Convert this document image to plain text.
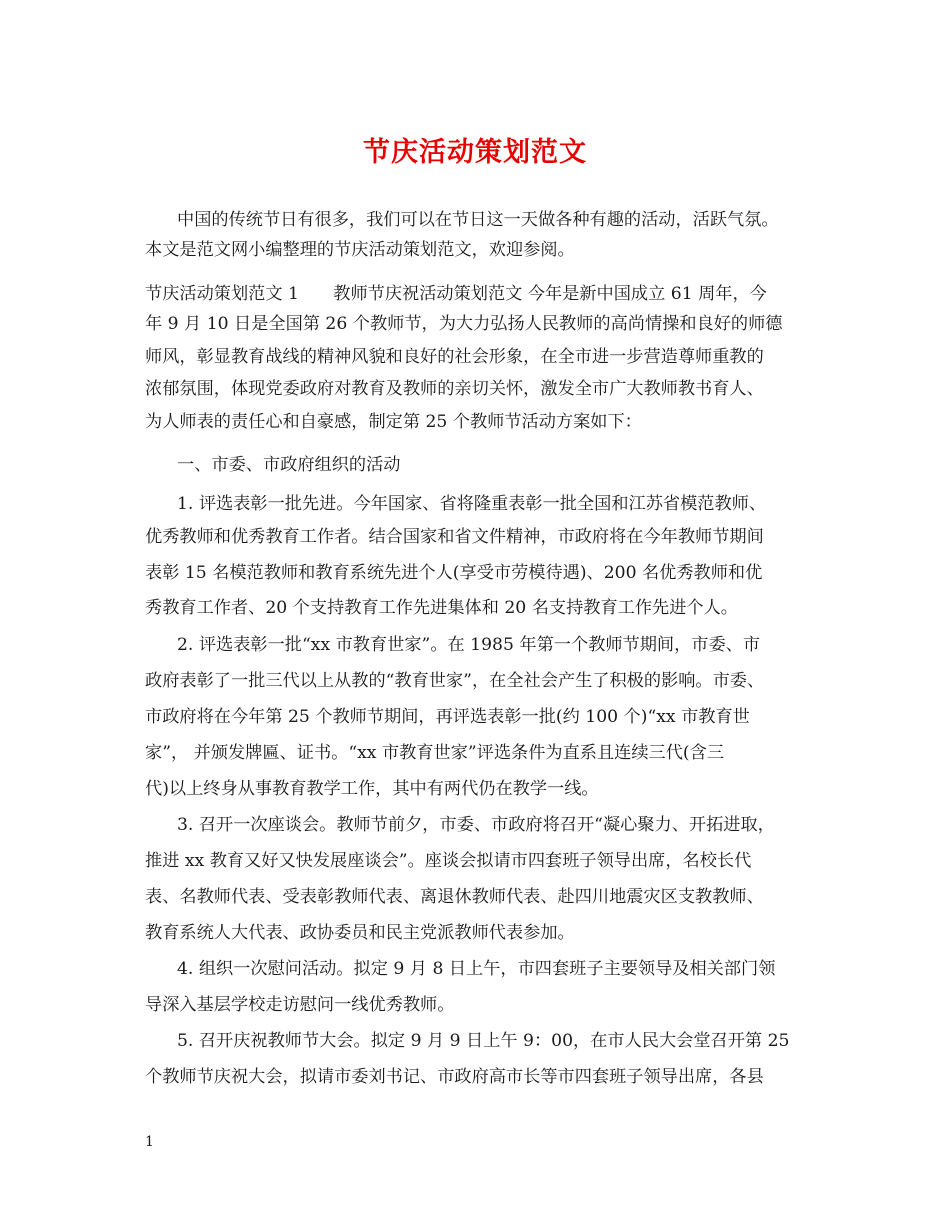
节庆活动策划范文
中国的传统节日有很多，我们可以在节日这一天做各种有趣的活动，活跃气氛。
本文是范文网小编整理的节庆活动策划范文，欢迎参阅。
节庆活动策划范文 1　　教师节庆祝活动策划范文 今年是新中国成立 61 周年，今
年 9 月 10 日是全国第 26 个教师节，为大力弘扬人民教师的高尚情操和良好的师德
师风，彰显教育战线的精神风貌和良好的社会形象，在全市进一步营造尊师重教的
浓郁氛围，体现党委政府对教育及教师的亲切关怀，激发全市广大教师教书育人、
为人师表的责任心和自豪感，制定第 25 个教师节活动方案如下：
一、市委、市政府组织的活动
1. 评选表彰一批先进。今年国家、省将隆重表彰一批全国和江苏省模范教师、
优秀教师和优秀教育工作者。结合国家和省文件精神，市政府将在今年教师节期间
表彰 15 名模范教师和教育系统先进个人(享受市劳模待遇)、200 名优秀教师和优
秀教育工作者、20 个支持教育工作先进集体和 20 名支持教育工作先进个人。
2. 评选表彰一批“xx 市教育世家”。在 1985 年第一个教师节期间，市委、市
政府表彰了一批三代以上从教的“教育世家”，在全社会产生了积极的影响。市委、
市政府将在今年第 25 个教师节期间，再评选表彰一批(约 100 个)“xx 市教育世
家”， 并颁发牌匾、证书。“xx 市教育世家”评选条件为直系且连续三代(含三
代)以上终身从事教育教学工作，其中有两代仍在教学一线。
3. 召开一次座谈会。教师节前夕，市委、市政府将召开“凝心聚力、开拓进取，
推进 xx 教育又好又快发展座谈会”。座谈会拟请市四套班子领导出席，名校长代
表、名教师代表、受表彰教师代表、离退休教师代表、赴四川地震灾区支教教师、
教育系统人大代表、政协委员和民主党派教师代表参加。
4. 组织一次慰问活动。拟定 9 月 8 日上午，市四套班子主要领导及相关部门领
导深入基层学校走访慰问一线优秀教师。
5. 召开庆祝教师节大会。拟定 9 月 9 日上午 9：00，在市人民大会堂召开第 25
个教师节庆祝大会，拟请市委刘书记、市政府高市长等市四套班子领导出席，各县
1
